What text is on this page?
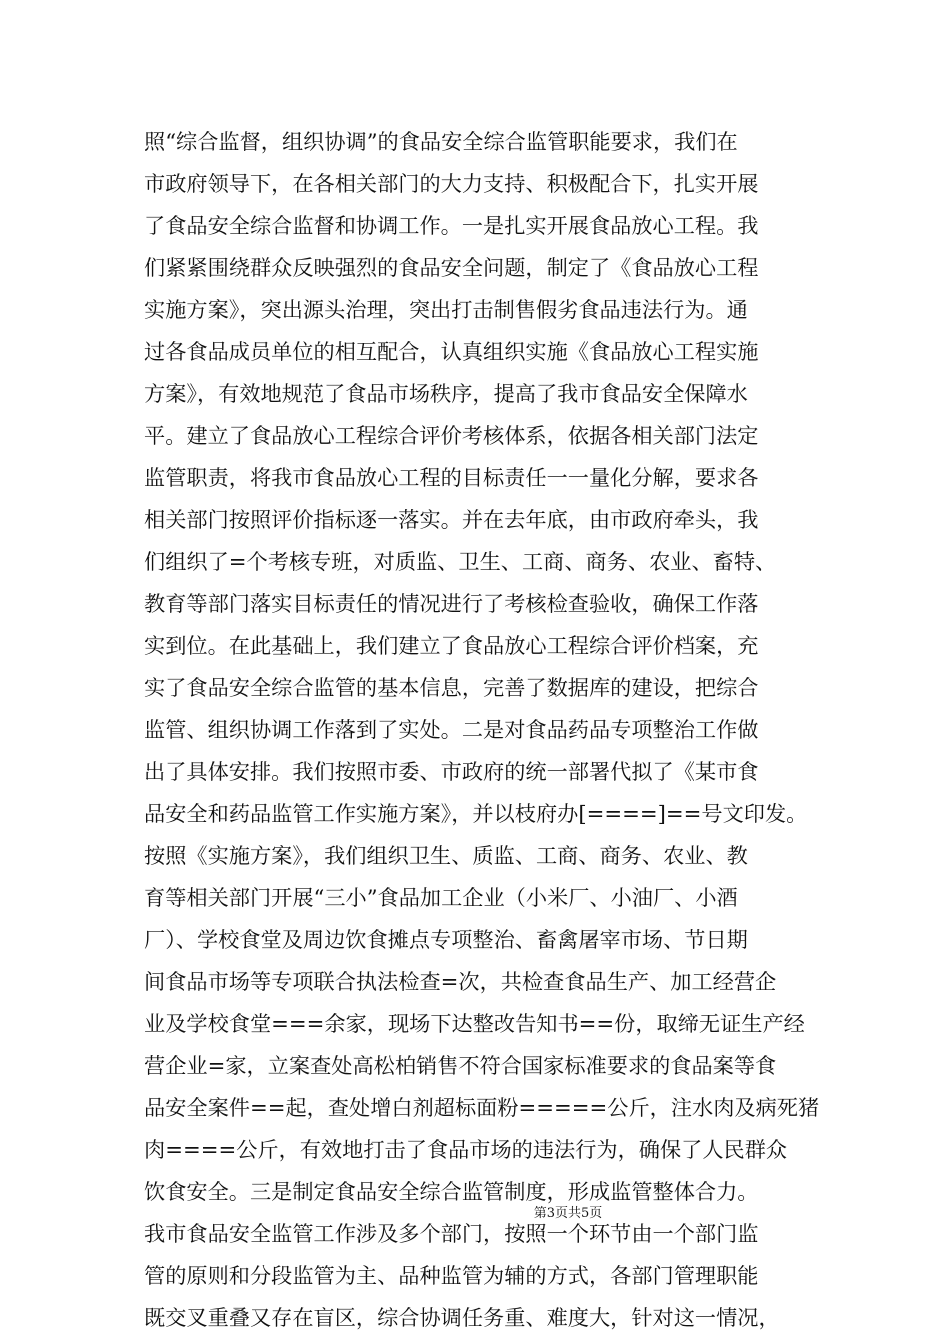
照“综合监督，组织协调”的食品安全综合监管职能要求，我们在
市政府领导下，在各相关部门的大力支持、积极配合下，扎实开展
了食品安全综合监督和协调工作。一是扎实开展食品放心工程。我
们紧紧围绕群众反映强烈的食品安全问题，制定了《食品放心工程
实施方案》，突出源头治理，突出打击制售假劣食品违法行为。通
过各食品成员单位的相互配合，认真组织实施《食品放心工程实施
方案》，有效地规范了食品市场秩序，提高了我市食品安全保障水
平。建立了食品放心工程综合评价考核体系，依据各相关部门法定
监管职责，将我市食品放心工程的目标责任一一量化分解，要求各
相关部门按照评价指标逐一落实。并在去年底，由市政府牵头，我
们组织了=个考核专班，对质监、卫生、工商、商务、农业、畜特、
教育等部门落实目标责任的情况进行了考核检查验收，确保工作落
实到位。在此基础上，我们建立了食品放心工程综合评价档案，充
实了食品安全综合监管的基本信息，完善了数据库的建设，把综合
监管、组织协调工作落到了实处。二是对食品药品专项整治工作做
出了具体安排。我们按照市委、市政府的统一部署代拟了《某市食
品安全和药品监管工作实施方案》，并以枝府办[====]==号文印发。
按照《实施方案》，我们组织卫生、质监、工商、商务、农业、教
育等相关部门开展“三小”食品加工企业（小米厂、小油厂、小酒
厂）、学校食堂及周边饮食摊点专项整治、畜禽屠宰市场、节日期
间食品市场等专项联合执法检查=次，共检查食品生产、加工经营企
业及学校食堂===余家，现场下达整改告知书==份，取缔无证生产经
营企业=家，立案查处高松柏销售不符合国家标准要求的食品案等食
品安全案件==起，查处增白剂超标面粉=====公斤，注水肉及病死猪
肉====公斤，有效地打击了食品市场的违法行为，确保了人民群众
饮食安全。三是制定食品安全综合监管制度，形成监管整体合力。
我市食品安全监管工作涉及多个部门，按照一个环节由一个部门监
管的原则和分段监管为主、品种监管为辅的方式，各部门管理职能
既交叉重叠又存在盲区，综合协调任务重、难度大，针对这一情况，
第3页共5页
